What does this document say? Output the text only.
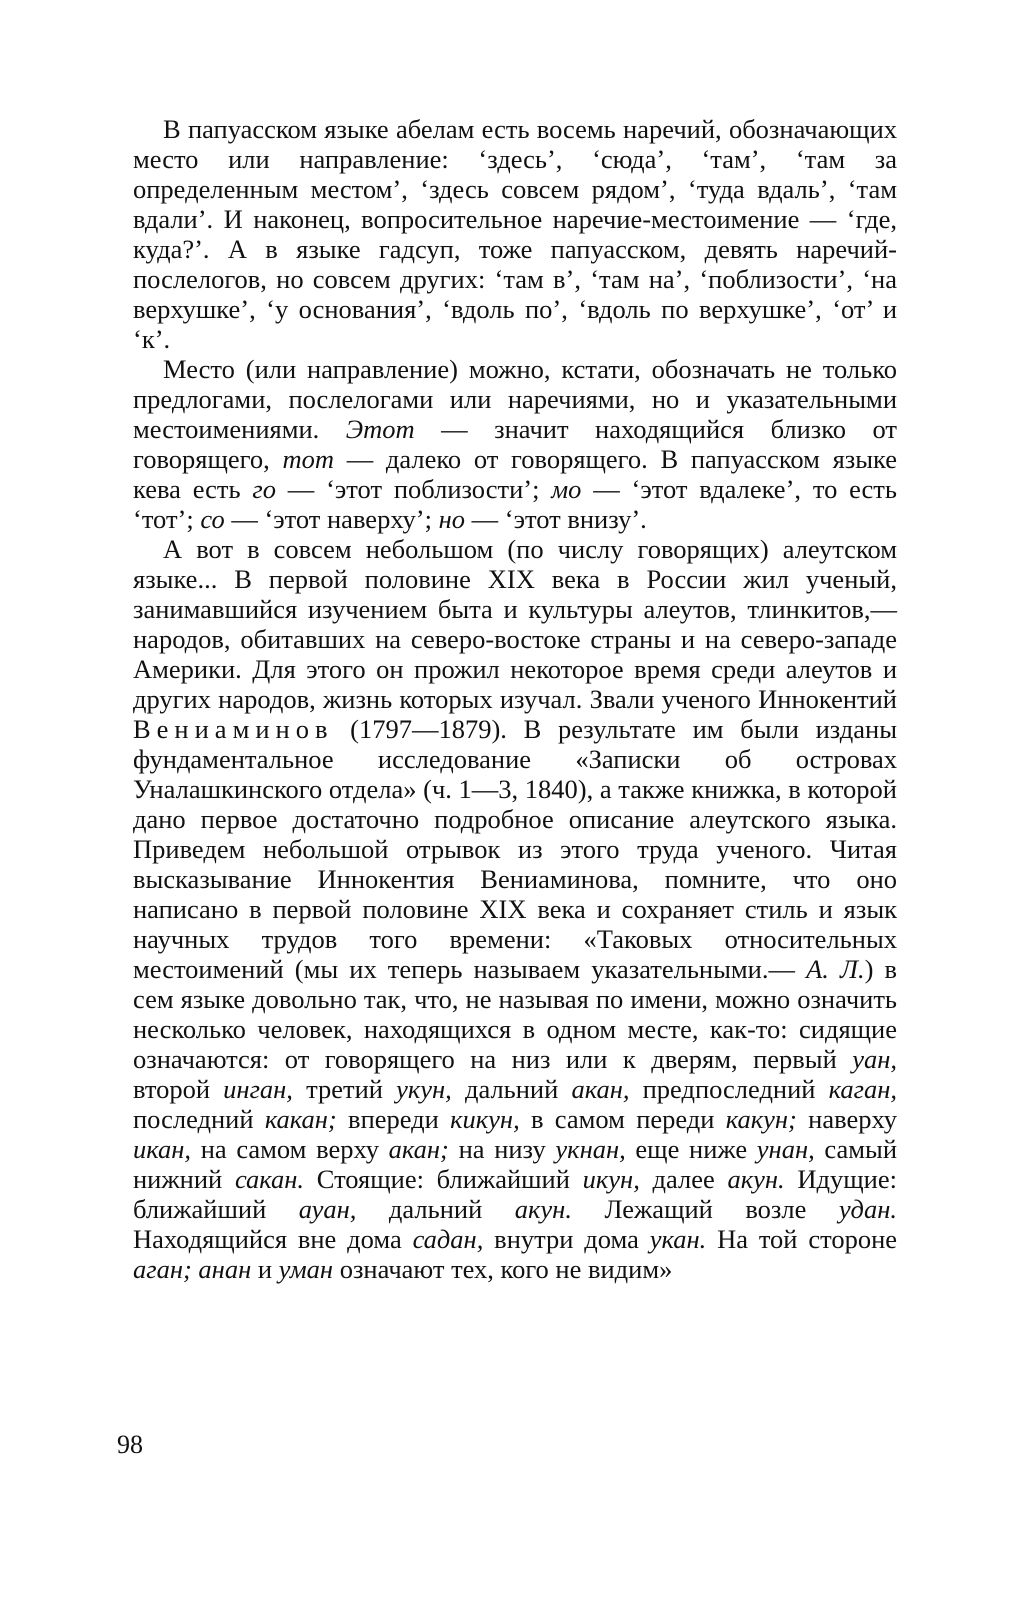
В папуасском языке абелам есть восемь наречий, обозначающих место или направление: ‘здесь’, ‘сюда’, ‘там’, ‘там за определенным местом’, ‘здесь совсем рядом’, ‘туда вдаль’, ‘там вдали’. И наконец, вопросительное наречие-местоимение — ‘где, куда?’. А в языке гадсуп, тоже папуасском, девять наречий-послелогов, но совсем других: ‘там в’, ‘там на’, ‘поблизости’, ‘на верхушке’, ‘у основания’, ‘вдоль по’, ‘вдоль по верхушке’, ‘от’ и ‘к’.

Место (или направление) можно, кстати, обозначать не только предлогами, послелогами или наречиями, но и указательными местоимениями. Этот — значит находящийся близко от говорящего, тот — далеко от говорящего. В папуасском языке кева есть го — ‘этот поблизости’; мо — ‘этот вдалеке’, то есть ‘тот’; со — ‘этот наверху’; но — ‘этот внизу’.

А вот в совсем небольшом (по числу говорящих) алеутском языке... В первой половине XIX века в России жил ученый, занимавшийся изучением быта и культуры алеутов, тлинкитов,— народов, обитавших на северо-востоке страны и на северо-западе Америки. Для этого он прожил некоторое время среди алеутов и других народов, жизнь которых изучал. Звали ученого Иннокентий Вениаминов (1797—1879). В результате им были изданы фундаментальное исследование «Записки об островах Уналашкинского отдела» (ч. 1—3, 1840), а также книжка, в которой дано первое достаточно подробное описание алеутского языка. Приведем небольшой отрывок из этого труда ученого. Читая высказывание Иннокентия Вениаминова, помните, что оно написано в первой половине XIX века и сохраняет стиль и язык научных трудов того времени: «Таковых относительных местоимений (мы их теперь называем указательными.— А. Л.) в сем языке довольно так, что, не называя по имени, можно означить несколько человек, находящихся в одном месте, как-то: сидящие означаются: от говорящего на низ или к дверям, первый уан, второй инган, третий укун, дальний акан, предпоследний каган, последний какан; впереди кикун, в самом переди какун; наверху икан, на самом верху акан; на низу укнан, еще ниже унан, самый нижний сакан. Стоящие: ближайший икун, далее акун. Идущие: ближайший ауан, дальний акун. Лежащий возле удан. Находящийся вне дома садан, внутри дома укан. На той стороне аган; анан и уман означают тех, кого не видим»

98
